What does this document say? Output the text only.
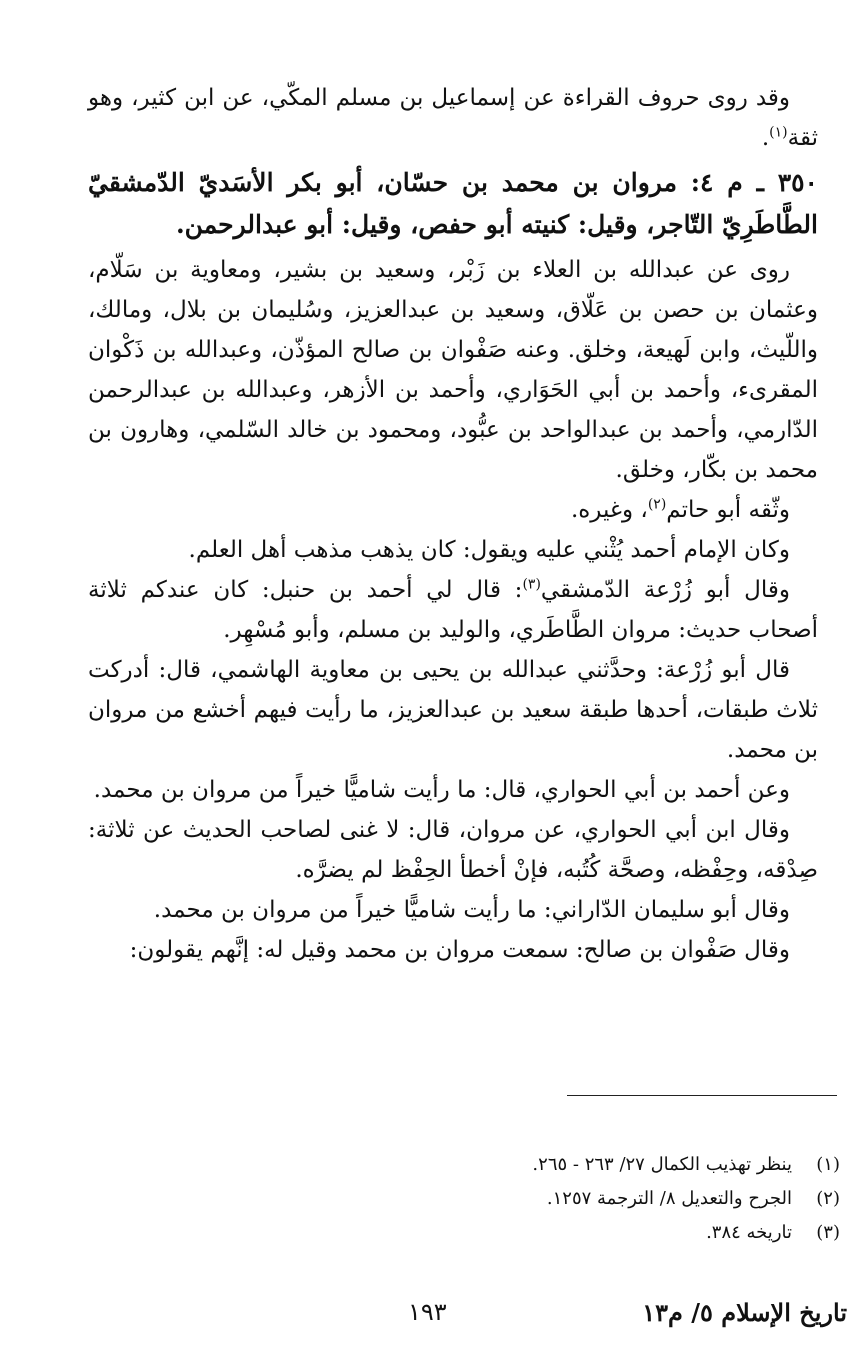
وقد روى حروف القراءة عن إسماعيل بن مسلم المكّي، عن ابن كثير، وهو ثقة$^{(١)}$.

٣٥٠ ـ م ٤: مروان بن محمد بن حسّان، أبو بكر الأسَديّ الدّمشقيّ الطَّاطَرِيّ التّاجر، وقيل: كنيته أبو حفص، وقيل: أبو عبدالرحمن.

روى عن عبدالله بن العلاء بن زَبْر، وسعيد بن بشير، ومعاوية بن سَلّام، وعثمان بن حصن بن عَلّاق، وسعيد بن عبدالعزيز، وسُليمان بن بلال، ومالك، واللّيث، وابن لَهيعة، وخلق. وعنه صَفْوان بن صالح المؤذّن، وعبدالله بن ذَكْوان المقرىء، وأحمد بن أبي الحَوَاري، وأحمد بن الأزهر، وعبدالله بن عبدالرحمن الدّارمي، وأحمد بن عبدالواحد بن عبُّود، ومحمود بن خالد السّلمي، وهارون بن محمد بن بكّار، وخلق.

وثّقه أبو حاتم$^{(٢)}$، وغيره.

وكان الإمام أحمد يُثْني عليه ويقول: كان يذهب مذهب أهل العلم.

وقال أبو زُرْعة الدّمشقي$^{(٣)}$: قال لي أحمد بن حنبل: كان عندكم ثلاثة أصحاب حديث: مروان الطَّاطَري، والوليد بن مسلم، وأبو مُسْهِر.

قال أبو زُرْعة: وحدَّثني عبدالله بن يحيى بن معاوية الهاشمي، قال: أدركت ثلاث طبقات، أحدها طبقة سعيد بن عبدالعزيز، ما رأيت فيهم أخشع من مروان بن محمد.

وعن أحمد بن أبي الحواري، قال: ما رأيت شاميًّا خيراً من مروان بن محمد.

وقال ابن أبي الحواري، عن مروان، قال: لا غنى لصاحب الحديث عن ثلاثة: صِدْقه، وحِفْظه، وصحَّة كُتُبه، فإنْ أخطأ الحِفْظ لم يضرَّه.

وقال أبو سليمان الدّاراني: ما رأيت شاميًّا خيراً من مروان بن محمد.

وقال صَفْوان بن صالح: سمعت مروان بن محمد وقيل له: إنَّهم يقولون:

(١)
ينظر تهذيب الكمال ٢٧/ ٢٦٣ - ٢٦٥.
(٢)
الجرح والتعديل ٨/ الترجمة ١٢٥٧.
(٣)
تاريخه ٣٨٤.
تاريخ الإسلام ٥/ م١٣
١٩٣
